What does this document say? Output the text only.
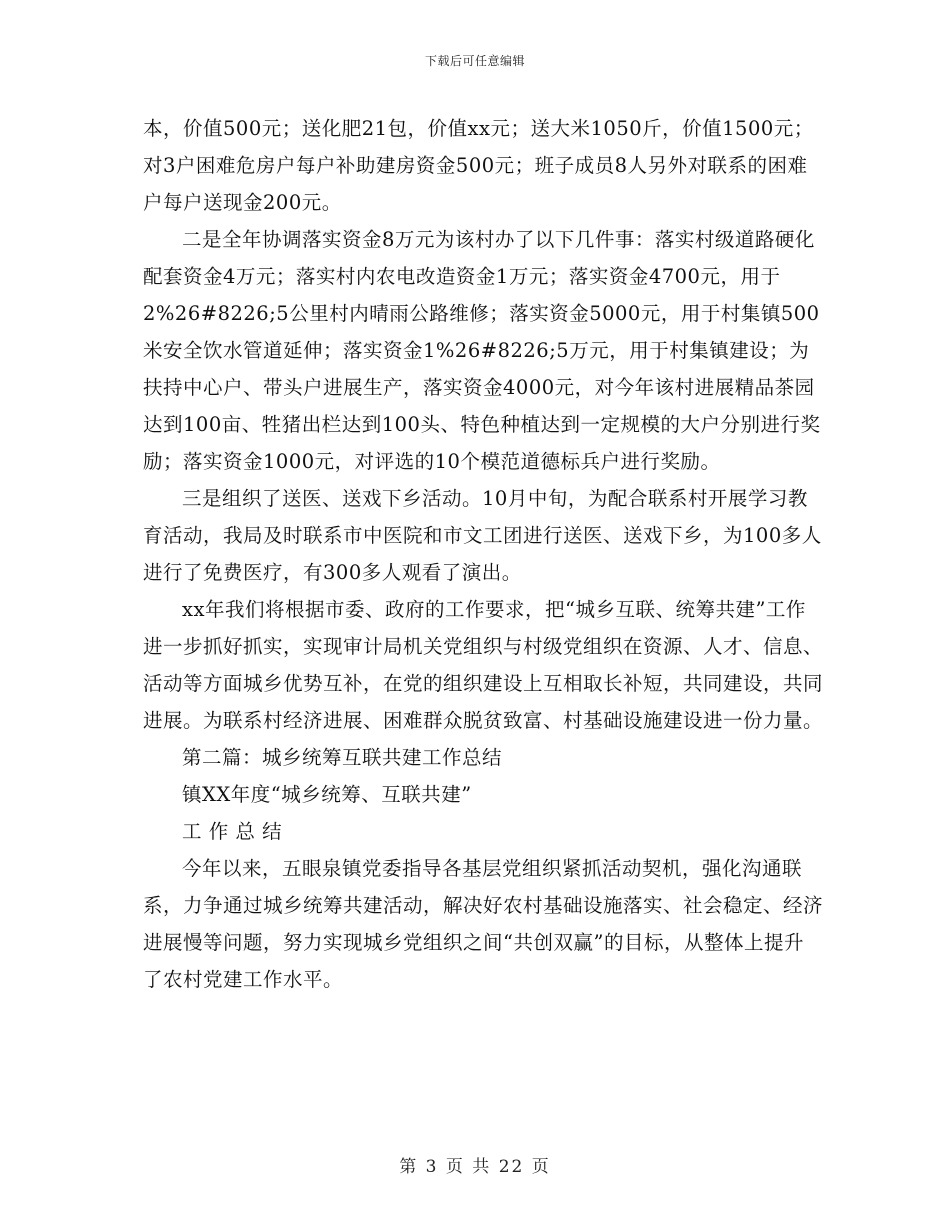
下载后可任意编辑

本，价值500元；送化肥21包，价值xx元；送大米1050斤，价值1500元；对3户困难危房户每户补助建房资金500元；班子成员8人另外对联系的困难户每户送现金200元。

二是全年协调落实资金8万元为该村办了以下几件事：落实村级道路硬化配套资金4万元；落实村内农电改造资金1万元；落实资金4700元，用于2%26#8226;5公里村内晴雨公路维修；落实资金5000元，用于村集镇500米安全饮水管道延伸；落实资金1%26#8226;5万元，用于村集镇建设；为扶持中心户、带头户进展生产，落实资金4000元，对今年该村进展精品茶园达到100亩、牲猪出栏达到100头、特色种植达到一定规模的大户分别进行奖励；落实资金1000元，对评选的10个模范道德标兵户进行奖励。

三是组织了送医、送戏下乡活动。10月中旬，为配合联系村开展学习教育活动，我局及时联系市中医院和市文工团进行送医、送戏下乡，为100多人进行了免费医疗，有300多人观看了演出。

xx年我们将根据市委、政府的工作要求，把“城乡互联、统筹共建”工作进一步抓好抓实，实现审计局机关党组织与村级党组织在资源、人才、信息、活动等方面城乡优势互补，在党的组织建设上互相取长补短，共同建设，共同进展。为联系村经济进展、困难群众脱贫致富、村基础设施建设进一份力量。

第二篇：城乡统筹互联共建工作总结

镇XX年度“城乡统筹、互联共建”

工 作 总 结

今年以来，五眼泉镇党委指导各基层党组织紧抓活动契机，强化沟通联系，力争通过城乡统筹共建活动，解决好农村基础设施落实、社会稳定、经济进展慢等问题，努力实现城乡党组织之间“共创双赢”的目标，从整体上提升了农村党建工作水平。

第 3 页 共 22 页
